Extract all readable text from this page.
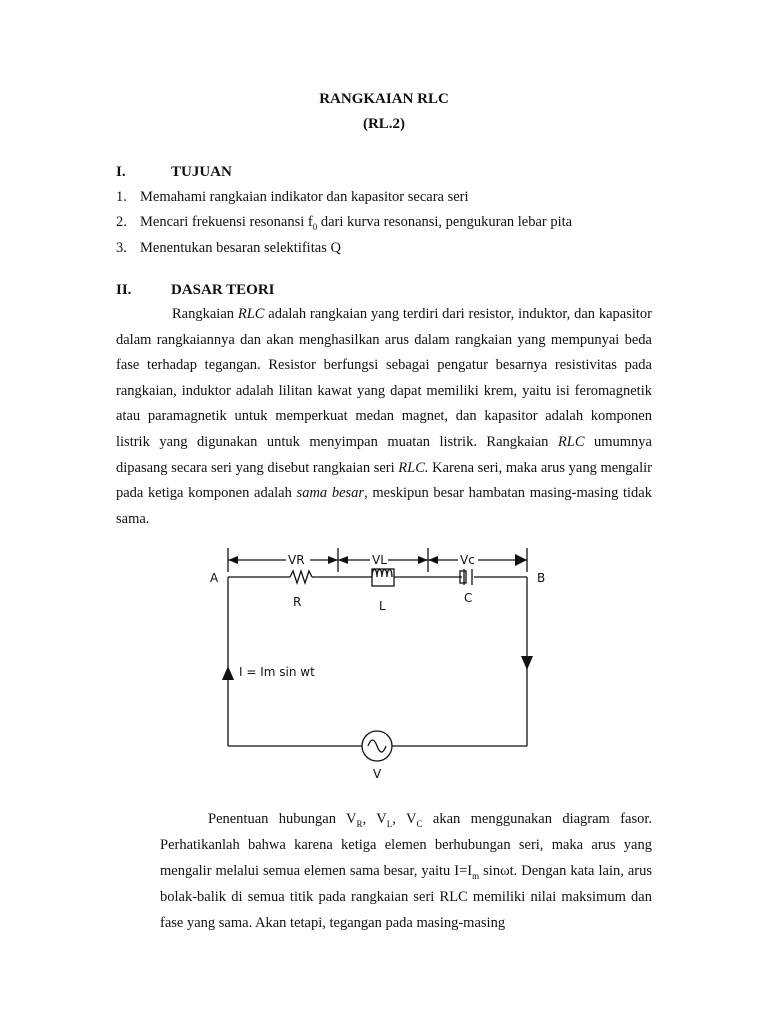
RANGKAIAN RLC
(RL.2)
I.	TUJUAN
1. Memahami rangkaian indikator dan kapasitor secara seri
2. Mencari frekuensi resonansi $f_0$ dari kurva resonansi, pengukuran lebar pita
3. Menentukan besaran selektifitas Q
II.	DASAR TEORI

Rangkaian RLC adalah rangkaian yang terdiri dari resistor, induktor, dan kapasitor dalam rangkaiannya dan akan menghasilkan arus dalam rangkaian yang mempunyai beda fase terhadap tegangan. Resistor berfungsi sebagai pengatur besarnya resistivitas pada rangkaian, induktor adalah lilitan kawat yang dapat memiliki krem, yaitu isi feromagnetik atau paramagnetik untuk memperkuat medan magnet, dan kapasitor adalah komponen listrik yang digunakan untuk menyimpan muatan listrik. Rangkaian RLC umumnya dipasang secara seri yang disebut rangkaian seri RLC. Karena seri, maka arus yang mengalir pada ketiga komponen adalah sama besar, meskipun besar hambatan masing-masing tidak sama.

A	B
VR	VL	Vc
R	L
C
I = Im sin wt
V

Penentuan hubungan $V_R$, $V_L$, $V_C$ akan menggunakan diagram fasor. Perhatikanlah bahwa karena ketiga elemen berhubungan seri, maka arus yang mengalir melalui semua elemen sama besar, yaitu $I=I_m$ sinωt. Dengan kata lain, arus bolak-balik di semua titik pada rangkaian seri RLC memiliki nilai maksimum dan fase yang sama. Akan tetapi, tegangan pada masing-masing
